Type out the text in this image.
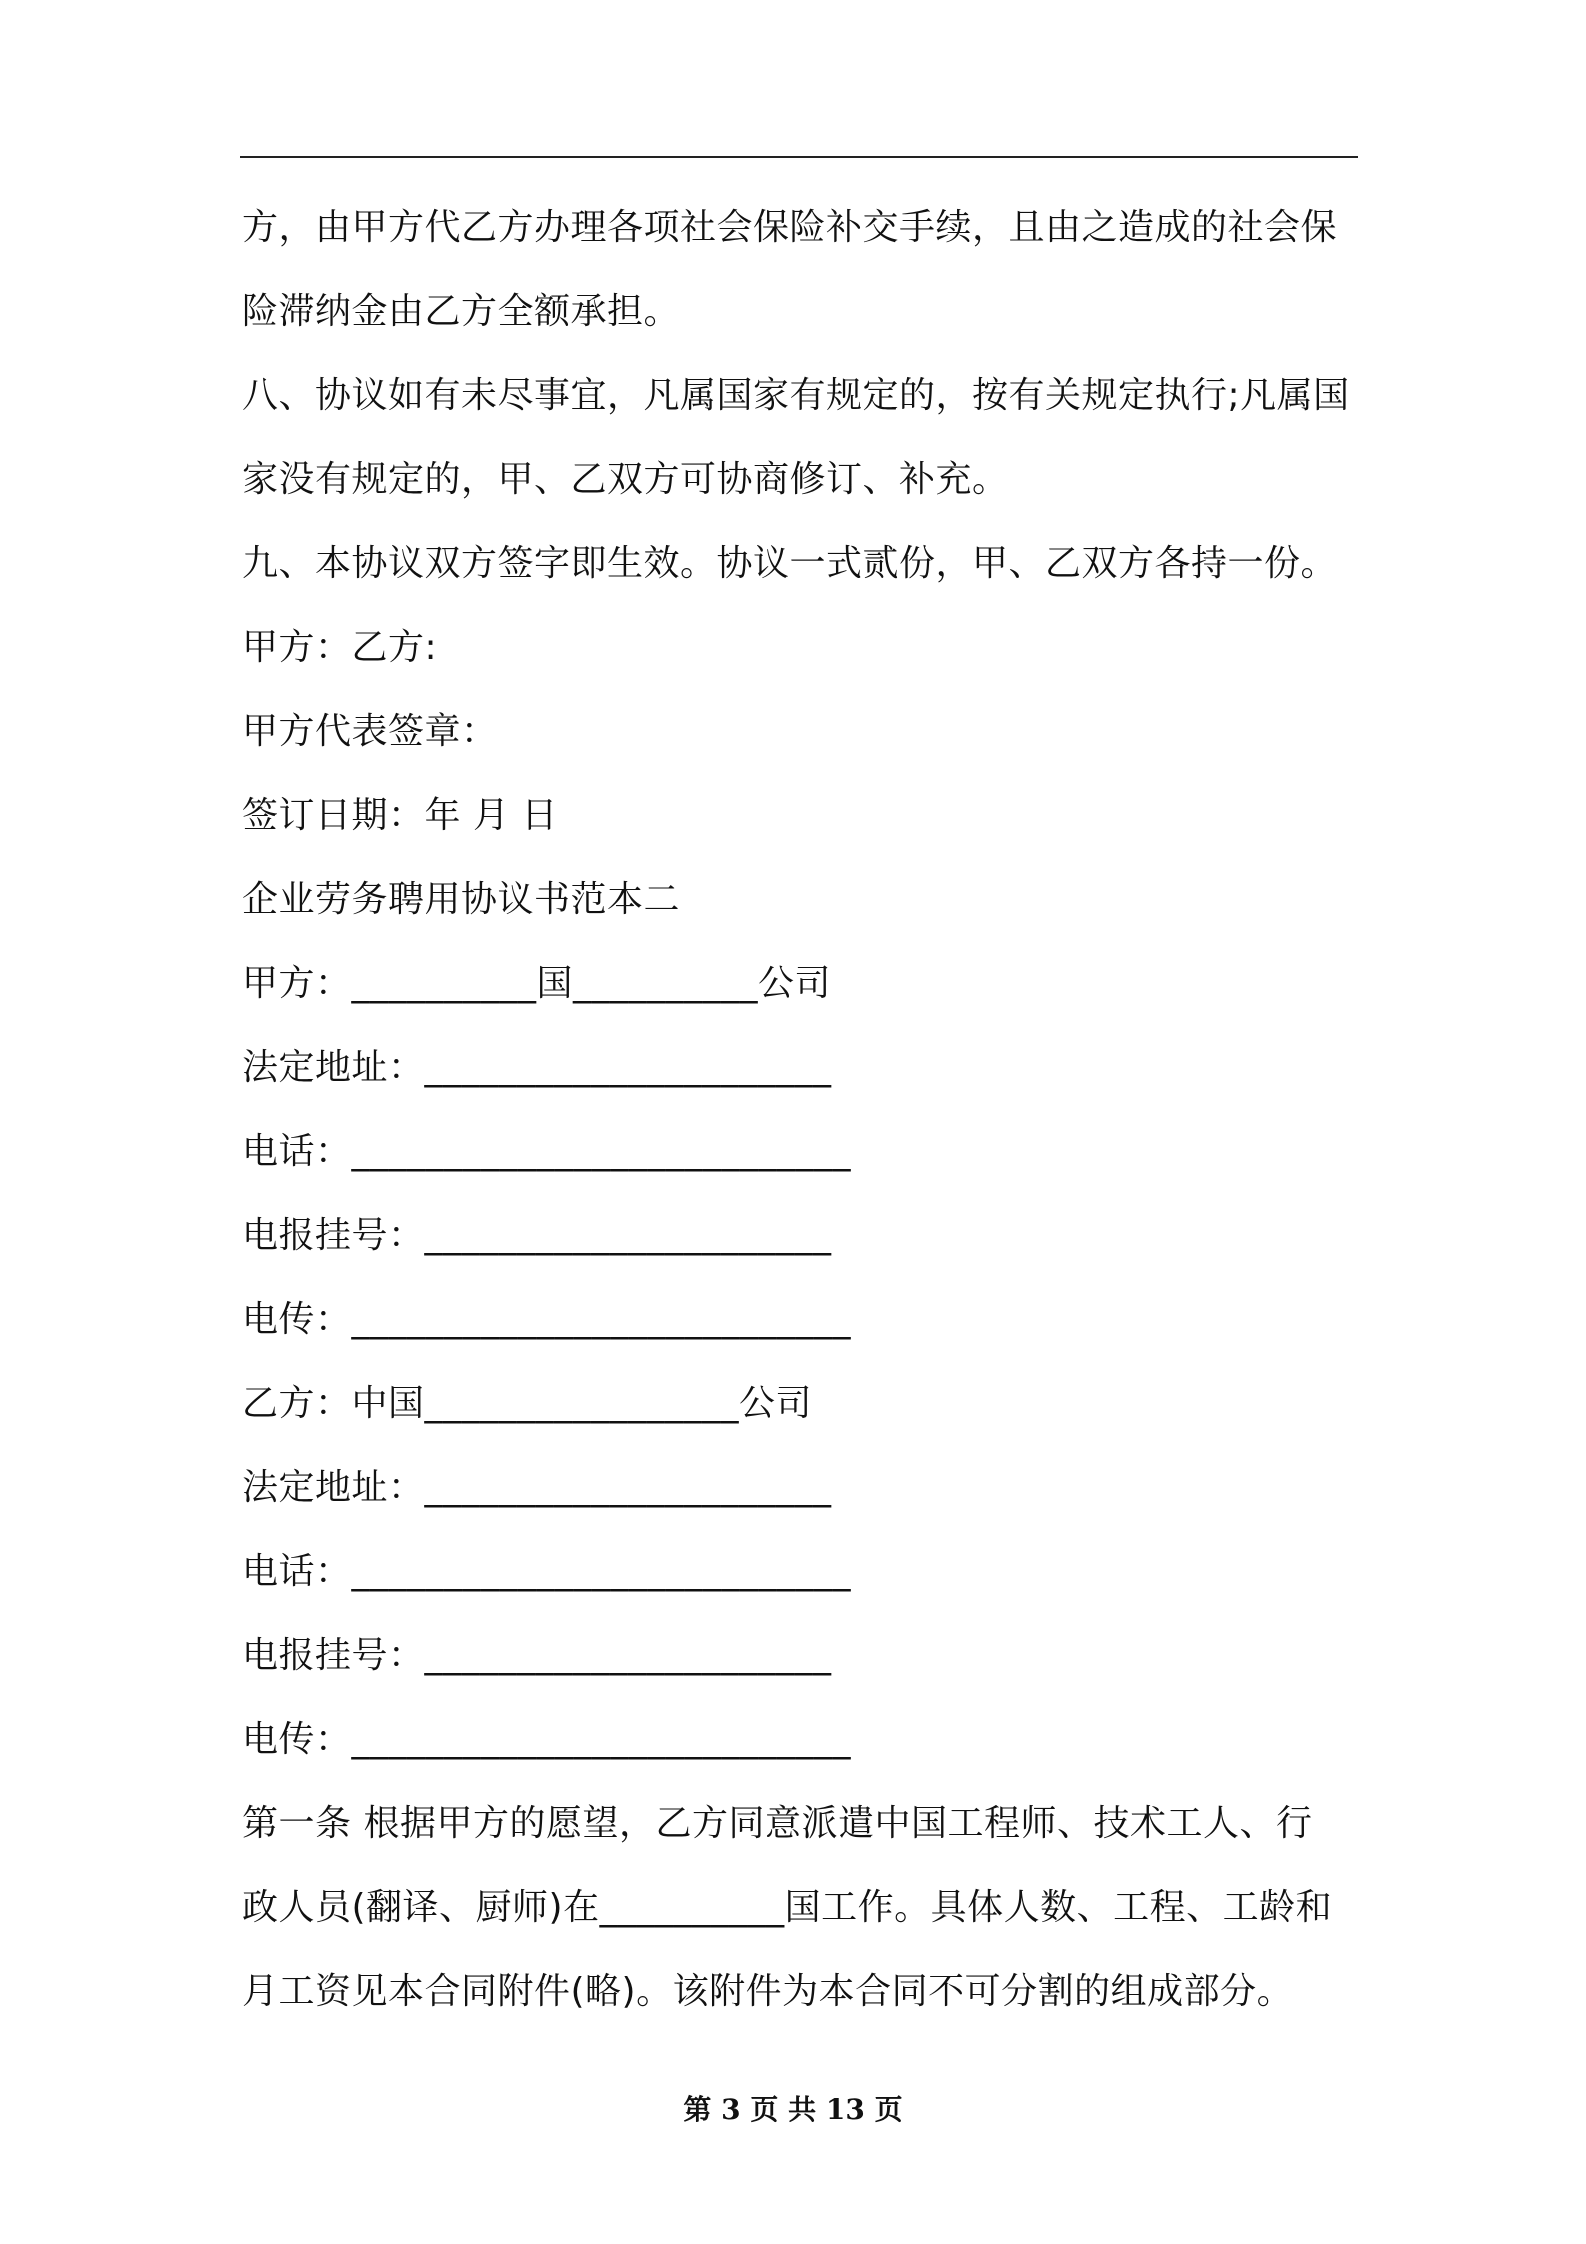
方，由甲方代乙方办理各项社会保险补交手续，且由之造成的社会保
险滞纳金由乙方全额承担。
八、协议如有未尽事宜，凡属国家有规定的，按有关规定执行;凡属国
家没有规定的，甲、乙双方可协商修订、补充。
九、本协议双方签字即生效。协议一式贰份，甲、乙双方各持一份。
甲方：乙方:
甲方代表签章：
签订日期：年 月 日
企业劳务聘用协议书范本二
甲方：__________国__________公司
法定地址：______________________
电话：___________________________
电报挂号：______________________
电传：___________________________
乙方：中国_________________公司
法定地址：______________________
电话：___________________________
电报挂号：______________________
电传：___________________________
第一条 根据甲方的愿望，乙方同意派遣中国工程师、技术工人、行
政人员(翻译、厨师)在__________国工作。具体人数、工程、工龄和
月工资见本合同附件(略)。该附件为本合同不可分割的组成部分。
第 3 页 共 13 页
